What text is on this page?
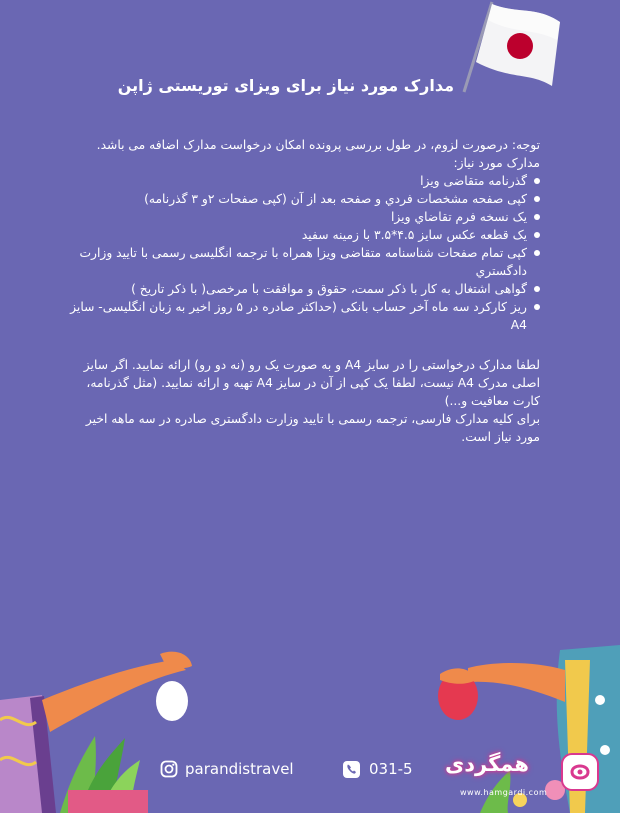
مدارک مورد نیاز برای ویزای توریستی ژاپن

توجه: درصورت لزوم، در طول بررسی پرونده امکان درخواست مدارک اضافه می باشد.

مدارک مورد نیاز:

گذرنامه متقاضی ویزا
کپی صفحه مشخصات فردي و صفحه بعد از آن (کپی صفحات ۲و ۳ گذرنامه)
یک نسخه فرم تقاضاي ویزا
یک قطعه عکس سایز ۴.۵*۳.۵ با زمینه سفید
کپی تمام صفحات شناسنامه متقاضی ویزا همراه با ترجمه انگلیسی رسمی با تایید وزارت دادگستري
گواهی اشتغال به کار با ذکر سمت، حقوق و موافقت با مرخصی( با ذکر تاریخ )
ریز کارکرد سه ماه آخر حساب بانکی (حداکثر صادره در ۵ روز اخیر به زبان انگلیسی- سایز A4

لطفا مدارک درخواستی را در سایز A4 و به صورت یک رو (نه دو رو) ارائه نمایید. اگر سایز اصلی مدرک A4 نیست، لطفا یک کپی از آن در سایز A4 تهیه و ارائه نمایید. (مثل گذرنامه، کارت معافیت و...)

برای کلیه مدارک فارسی، ترجمه رسمی با تایید وزارت دادگستری صادره در سه ماهه اخیر مورد نیاز است.

parandistravel	031-5 همگردی
www.hamgardi.com
